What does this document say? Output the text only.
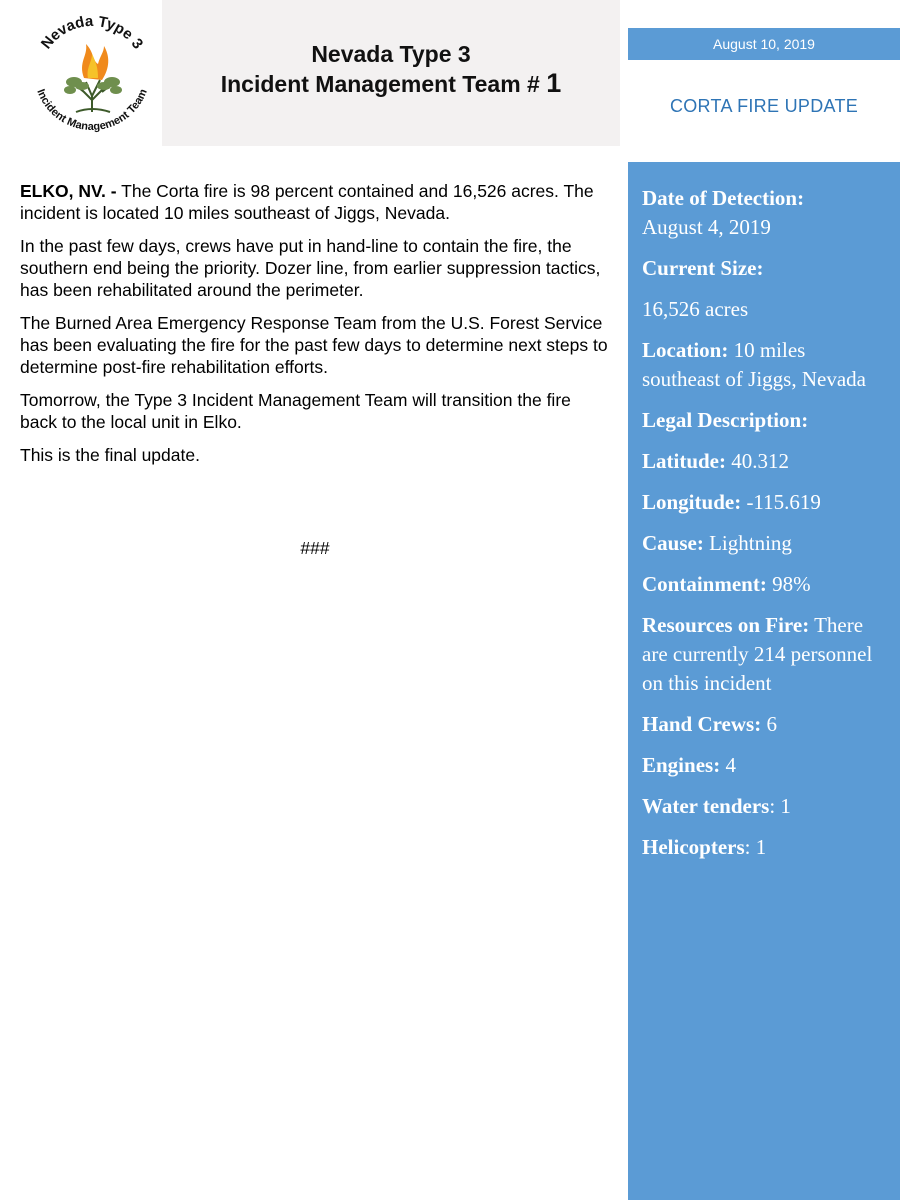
Nevada Type 3
Incident Management Team
Nevada Type 3
Incident Management Team # 1
August 10, 2019
CORTA FIRE UPDATE

ELKO, NV. - The Corta fire is 98 percent contained and 16,526 acres. The incident is located 10 miles southeast of Jiggs, Nevada.

In the past few days, crews have put in hand-line to contain the fire, the southern end being the priority. Dozer line, from earlier suppression tactics, has been rehabilitated around the perimeter.

The Burned Area Emergency Response Team from the U.S. Forest Service has been evaluating the fire for the past few days to determine next steps to determine post-fire rehabilitation efforts.

Tomorrow, the Type 3 Incident Management Team will transition the fire back to the local unit in Elko.

This is the final update.

###
Date of Detection:
August 4, 2019
Current Size:
16,526 acres
Location: 10 miles southeast of Jiggs, Nevada
Legal Description:
Latitude: 40.312
Longitude: -115.619
Cause: Lightning
Containment: 98%
Resources on Fire: There are currently 214 personnel on this incident
Hand Crews: 6
Engines: 4
Water tenders: 1
Helicopters: 1
